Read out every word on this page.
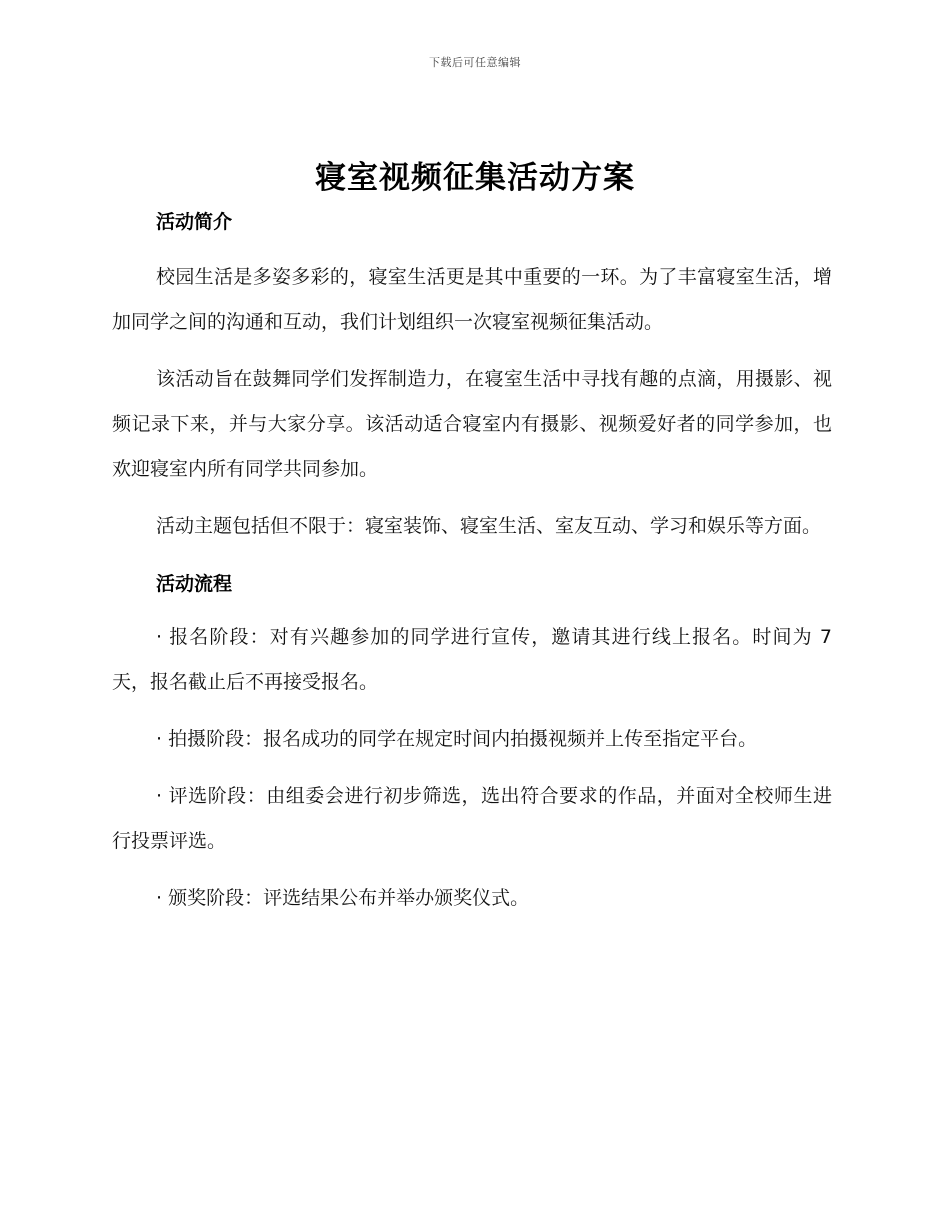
下载后可任意编辑
寝室视频征集活动方案
活动简介

校园生活是多姿多彩的，寝室生活更是其中重要的一环。为了丰富寝室生活，增加同学之间的沟通和互动，我们计划组织一次寝室视频征集活动。

该活动旨在鼓舞同学们发挥制造力，在寝室生活中寻找有趣的点滴，用摄影、视频记录下来，并与大家分享。该活动适合寝室内有摄影、视频爱好者的同学参加，也欢迎寝室内所有同学共同参加。

活动主题包括但不限于：寝室装饰、寝室生活、室友互动、学习和娱乐等方面。

活动流程

· 报名阶段：对有兴趣参加的同学进行宣传，邀请其进行线上报名。时间为 7 天，报名截止后不再接受报名。

· 拍摄阶段：报名成功的同学在规定时间内拍摄视频并上传至指定平台。

· 评选阶段：由组委会进行初步筛选，选出符合要求的作品，并面对全校师生进行投票评选。

· 颁奖阶段：评选结果公布并举办颁奖仪式。
